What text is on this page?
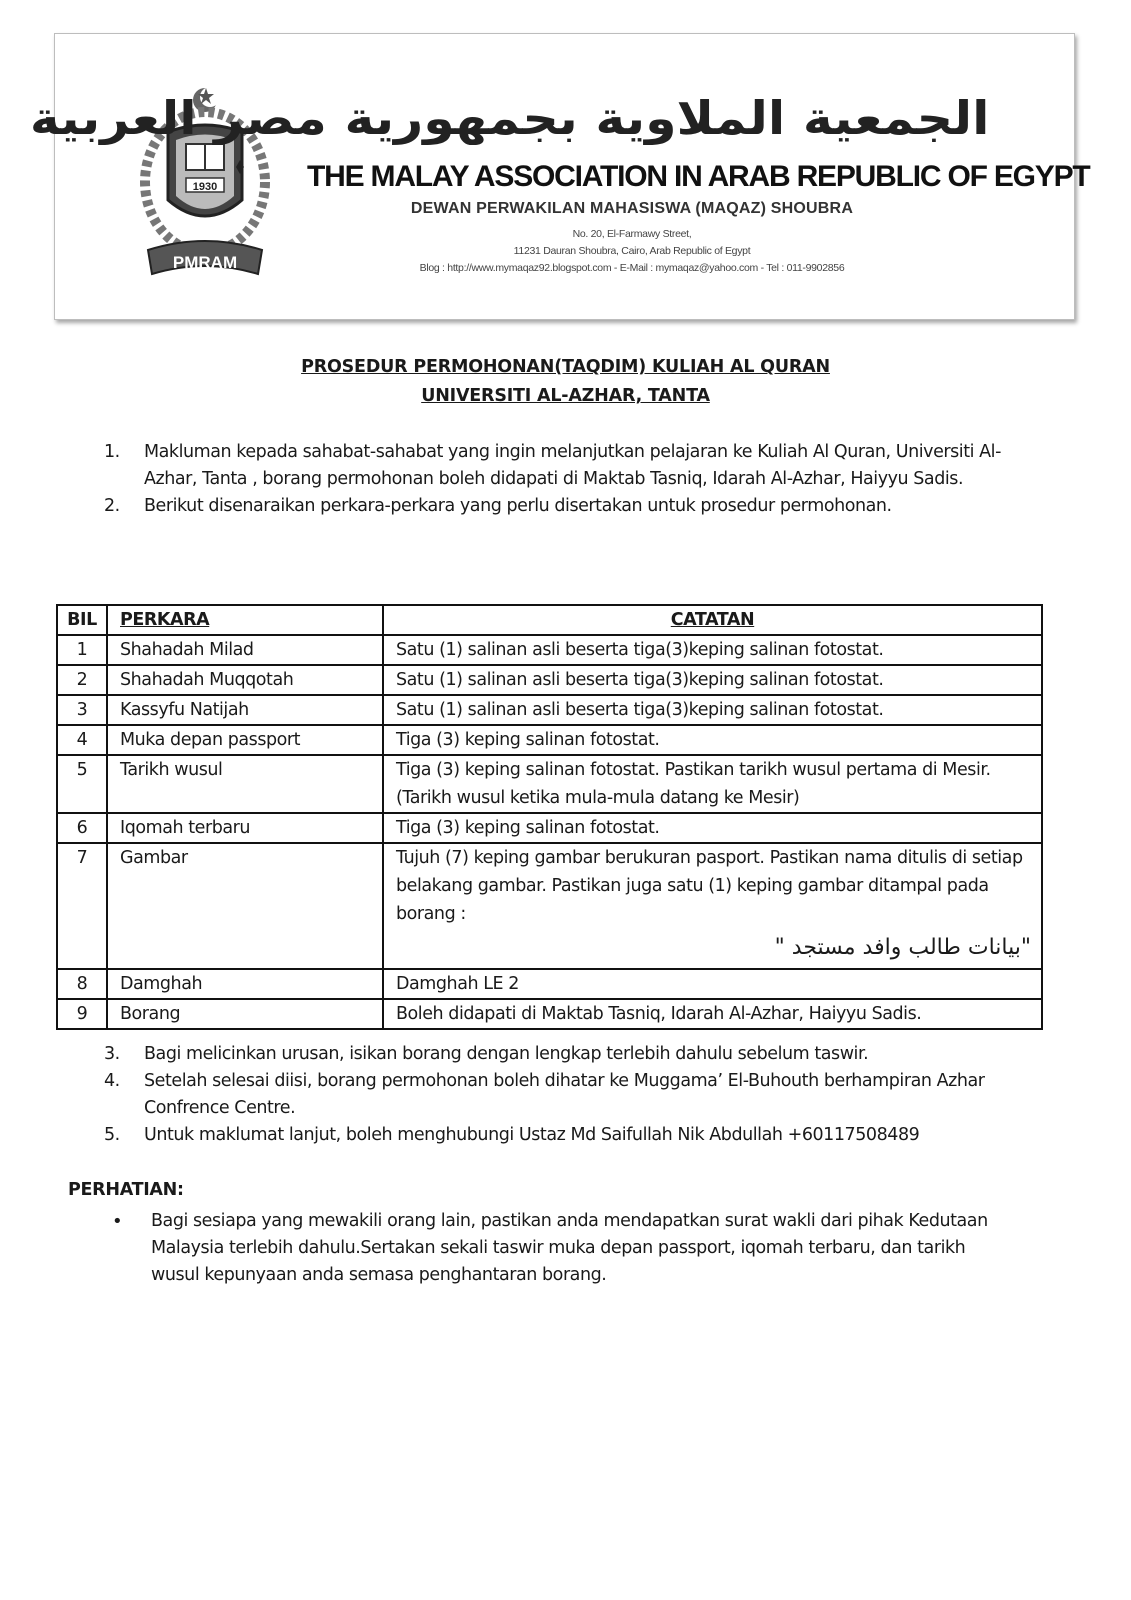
1930
PMRAM
الجمعية الملاوية بجمهورية مصر العربية
THE MALAY ASSOCIATION IN ARAB REPUBLIC OF EGYPT
DEWAN PERWAKILAN MAHASISWA (MAQAZ) SHOUBRA
No. 20, El-Farmawy Street,
11231 Dauran Shoubra, Cairo, Arab Republic of Egypt
Blog : http://www.mymaqaz92.blogspot.com - E-Mail : mymaqaz@yahoo.com - Tel : 011-9902856
PROSEDUR PERMOHONAN(TAQDIM) KULIAH AL QURAN
UNIVERSITI AL-AZHAR, TANTA
1. Makluman kepada sahabat-sahabat yang ingin melanjutkan pelajaran ke Kuliah Al Quran, Universiti Al-Azhar, Tanta , borang permohonan boleh didapati di Maktab Tasniq, Idarah Al-Azhar, Haiyyu Sadis.
2. Berikut disenaraikan perkara-perkara yang perlu disertakan untuk prosedur permohonan.
BIL	PERKARA	CATATAN
1	Shahadah Milad	Satu (1) salinan asli beserta tiga(3)keping salinan fotostat.
2	Shahadah Muqqotah	Satu (1) salinan asli beserta tiga(3)keping salinan fotostat.
3	Kassyfu Natijah	Satu (1) salinan asli beserta tiga(3)keping salinan fotostat.
4	Muka depan passport	Tiga (3) keping salinan fotostat.
5	Tarikh wusul	Tiga (3) keping salinan fotostat. Pastikan tarikh wusul pertama di Mesir.(Tarikh wusul ketika mula-mula datang ke Mesir)
6	Iqomah terbaru	Tiga (3) keping salinan fotostat.
7	Gambar	Tujuh (7) keping gambar berukuran pasport. Pastikan nama ditulis di setiap belakang gambar. Pastikan juga satu (1) keping gambar ditampal pada borang :
"بيانات طالب وافد مستجد "

8	Damghah	Damghah LE 2
9	Borang	Boleh didapati di Maktab Tasniq, Idarah Al-Azhar, Haiyyu Sadis.
3. Bagi melicinkan urusan, isikan borang dengan lengkap terlebih dahulu sebelum taswir.
4. Setelah selesai diisi, borang permohonan boleh dihatar ke Muggama’ El-Buhouth berhampiran Azhar Confrence Centre.
5. Untuk maklumat lanjut, boleh menghubungi Ustaz Md Saifullah Nik Abdullah +60117508489
PERHATIAN:
•	Bagi sesiapa yang mewakili orang lain, pastikan anda mendapatkan surat wakli dari pihak Kedutaan Malaysia terlebih dahulu.Sertakan sekali taswir muka depan passport, iqomah terbaru, dan tarikh wusul kepunyaan anda semasa penghantaran borang.
